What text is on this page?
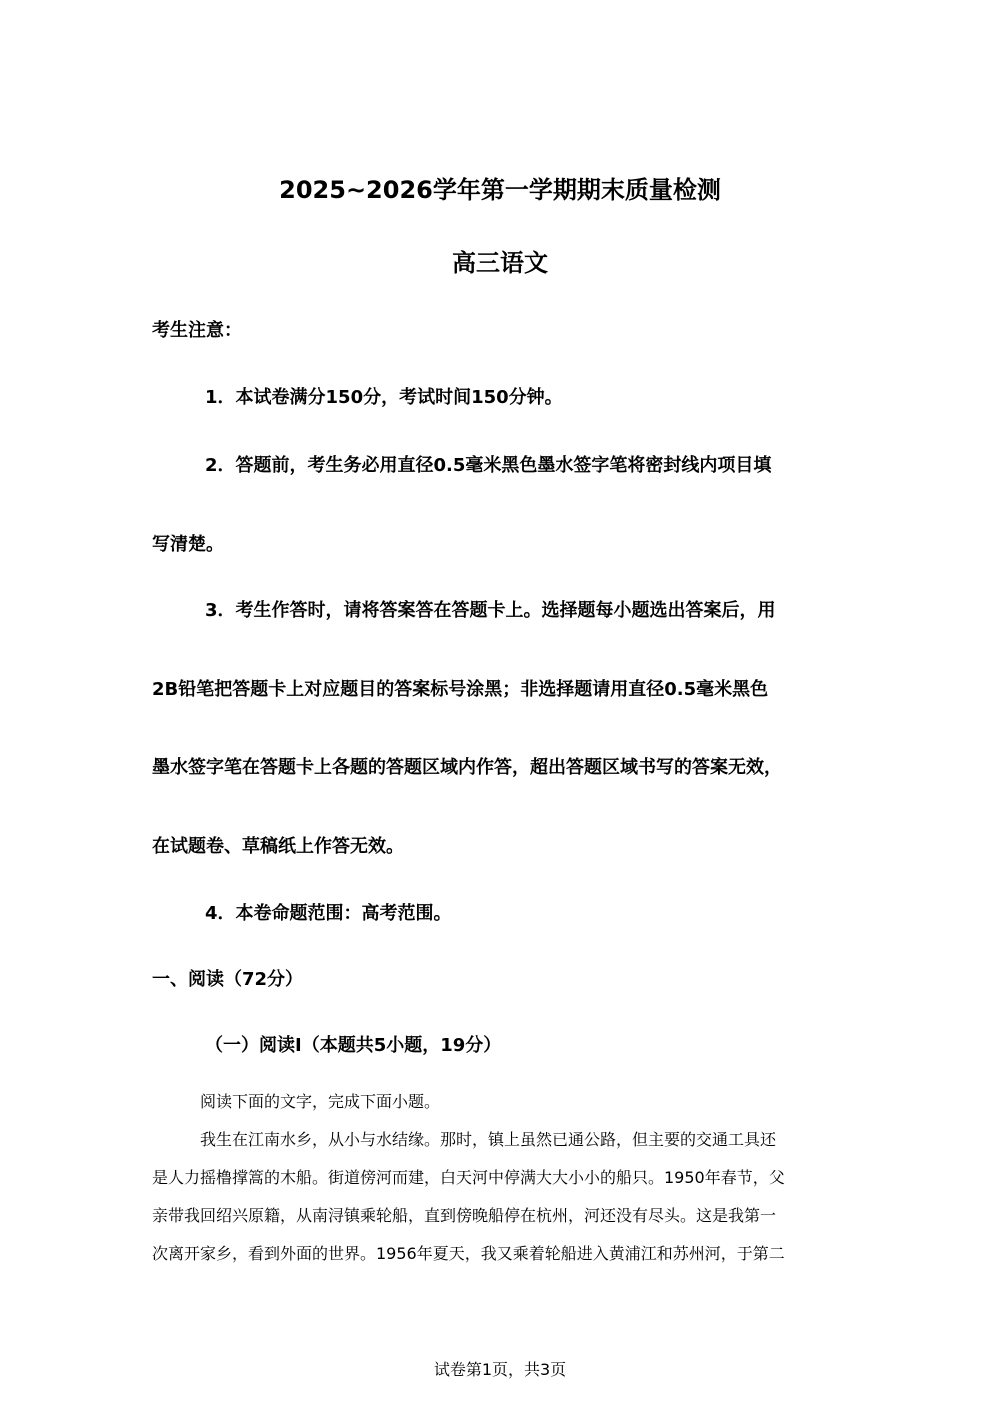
2025~2026学年第一学期期末质量检测
高三语文
考生注意：
1．本试卷满分150分，考试时间150分钟。
2．答题前，考生务必用直径0.5毫米黑色墨水签字笔将密封线内项目填
写清楚。
3．考生作答时，请将答案答在答题卡上。选择题每小题选出答案后，用
2B铅笔把答题卡上对应题目的答案标号涂黑；非选择题请用直径0.5毫米黑色
墨水签字笔在答题卡上各题的答题区域内作答，超出答题区域书写的答案无效，
在试题卷、草稿纸上作答无效。
4．本卷命题范围：高考范围。
一、阅读（72分）
（一）阅读Ⅰ（本题共5小题，19分）
阅读下面的文字，完成下面小题。
我生在江南水乡，从小与水结缘。那时，镇上虽然已通公路，但主要的交通工具还
是人力摇橹撑篙的木船。街道傍河而建，白天河中停满大大小小的船只。1950年春节，父
亲带我回绍兴原籍，从南浔镇乘轮船，直到傍晚船停在杭州，河还没有尽头。这是我第一
次离开家乡，看到外面的世界。1956年夏天，我又乘着轮船进入黄浦江和苏州河，于第二
试卷第1页，共3页
